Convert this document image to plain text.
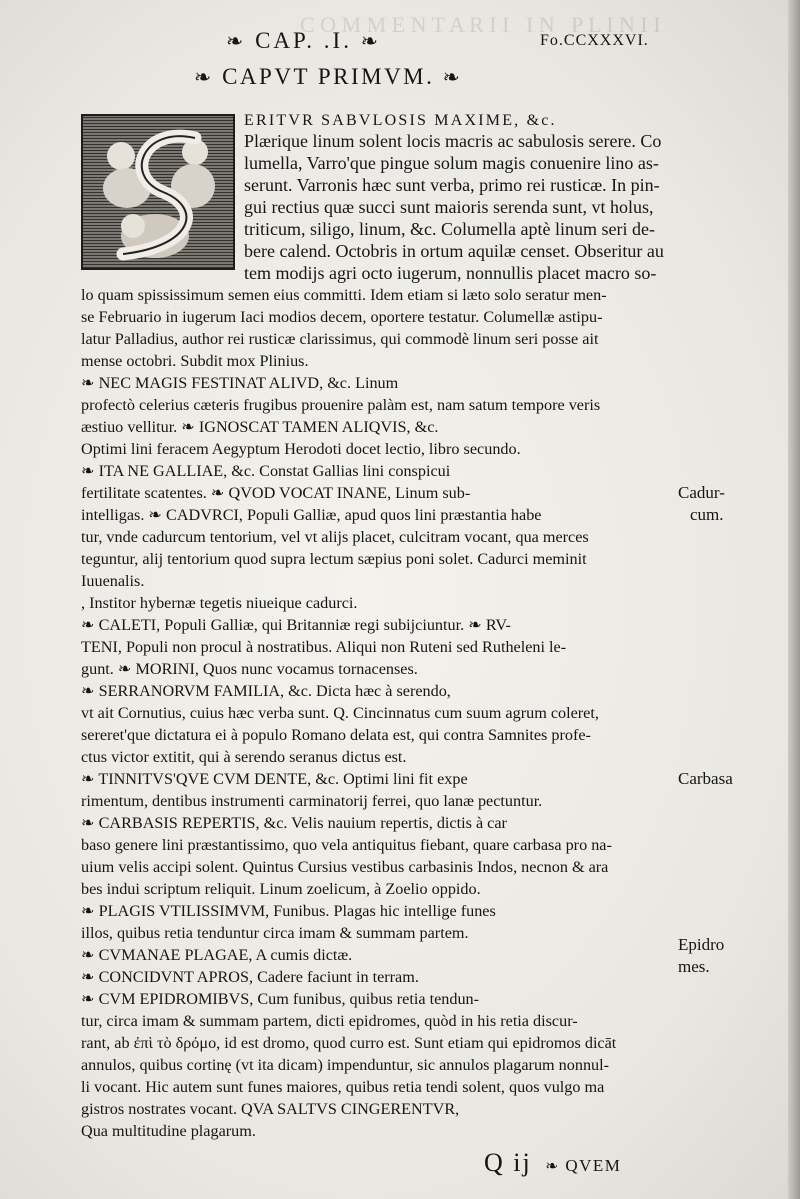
C O M M E N T A R I I   I N   P L I N I I
❧ CAP. .I. ❧	Fo.CCXXXVI.
❧ CAPVT PRIMVM. ❧
ERITVR SABVLOSIS MAXIME, &c.
Plærique linum solent locis macris ac sabulosis serere. Co
lumella, Varro'que pingue solum magis conuenire lino as-
serunt. Varronis hæc sunt verba, primo rei rusticæ. In pin-
gui rectius quæ succi sunt maioris serenda sunt, vt holus,
triticum, siligo, linum, &c. Columella aptè linum seri de-
bere calend. Octobris in ortum aquilæ censet. Obseritur au
tem modijs agri octo iugerum, nonnullis placet macro so-
lo quam spississimum semen eius committi. Idem etiam si læto solo seratur men-
se Februario in iugerum Iaci modios decem, oportere testatur. Columellæ astipu-
latur Palladius, author rei rusticæ clarissimus, qui commodè linum seri posse ait
mense octobri. Subdit mox Plinius.
❧ NEC MAGIS FESTINAT ALIVD, &c. Linum
profectò celerius cæteris frugibus prouenire palàm est, nam satum tempore veris
æstiuo vellitur. ❧ IGNOSCAT TAMEN ALIQVIS, &c.
Optimi lini feracem Aegyptum Herodoti docet lectio, libro secundo.
❧ ITA NE GALLIAE, &c. Constat Gallias lini conspicui
fertilitate scatentes. ❧ QVOD VOCAT INANE, Linum sub-
intelligas. ❧ CADVRCI, Populi Galliæ, apud quos lini præstantia habe
tur, vnde cadurcum tentorium, vel vt alijs placet, culcitram vocant, qua merces
teguntur, alij tentorium quod supra lectum sæpius poni solet. Cadurci meminit
Iuuenalis.
, Institor hybernæ tegetis niueique cadurci.
❧ CALETI, Populi Galliæ, qui Britanniæ regi subijciuntur. ❧ RV-
TENI, Populi non procul à nostratibus. Aliqui non Ruteni sed Rutheleni le-
gunt. ❧ MORINI, Quos nunc vocamus tornacenses.
❧ SERRANORVM FAMILIA, &c. Dicta hæc à serendo,
vt ait Cornutius, cuius hæc verba sunt. Q. Cincinnatus cum suum agrum coleret,
sereret'que dictatura ei à populo Romano delata est, qui contra Samnites profe-
ctus victor extitit, qui à serendo seranus dictus est.
❧ TINNITVS'QVE CVM DENTE, &c. Optimi lini fit expe
rimentum, dentibus instrumenti carminatorij ferrei, quo lanæ pectuntur.
❧ CARBASIS REPERTIS, &c. Velis nauium repertis, dictis à car
baso genere lini præstantissimo, quo vela antiquitus fiebant, quare carbasa pro na-
uium velis accipi solent. Quintus Cursius vestibus carbasinis Indos, necnon & ara
bes indui scriptum reliquit. Linum zoelicum, à Zoelio oppido.
❧ PLAGIS VTILISSIMVM, Funibus. Plagas hic intellige funes
illos, quibus retia tenduntur circa imam & summam partem.
❧ CVMANAE PLAGAE, A cumis dictæ.
❧ CONCIDVNT APROS, Cadere faciunt in terram.
❧ CVM EPIDROMIBVS, Cum funibus, quibus retia tendun-
tur, circa imam & summam partem, dicti epidromes, quòd in his retia discur-
rant, ab ἐπὶ τὸ δρόμο, id est dromo, quod curro est. Sunt etiam qui epidromos dicāt
annulos, quibus cortinę (vt ita dicam) impenduntur, sic annulos plagarum nonnul-
li vocant. Hic autem sunt funes maiores, quibus retia tendi solent, quos vulgo ma
gistros nostrates vocant. QVA SALTVS CINGERENTVR,
Qua multitudine plagarum.
Cadur-
cum.
Carbasa
Epidro
mes.
Q ij ❧ QVEM
